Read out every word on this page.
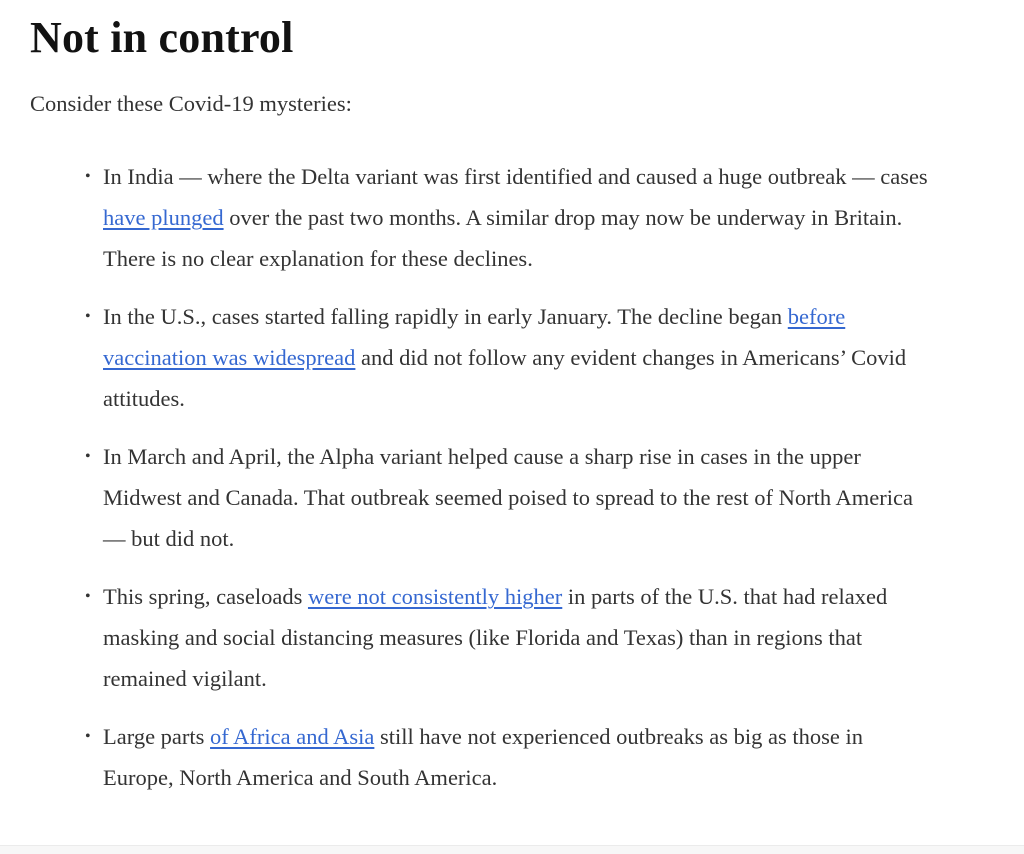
Not in control

Consider these Covid-19 mysteries:

• In India — where the Delta variant was first identified and caused a huge outbreak — cases have plunged over the past two months. A similar drop may now be underway in Britain. There is no clear explanation for these declines.
• In the U.S., cases started falling rapidly in early January. The decline began before vaccination was widespread and did not follow any evident changes in Americans’ Covid attitudes.
• In March and April, the Alpha variant helped cause a sharp rise in cases in the upper Midwest and Canada. That outbreak seemed poised to spread to the rest of North America — but did not.
• This spring, caseloads were not consistently higher in parts of the U.S. that had relaxed masking and social distancing measures (like Florida and Texas) than in regions that remained vigilant.
• Large parts of Africa and Asia still have not experienced outbreaks as big as those in Europe, North America and South America.
